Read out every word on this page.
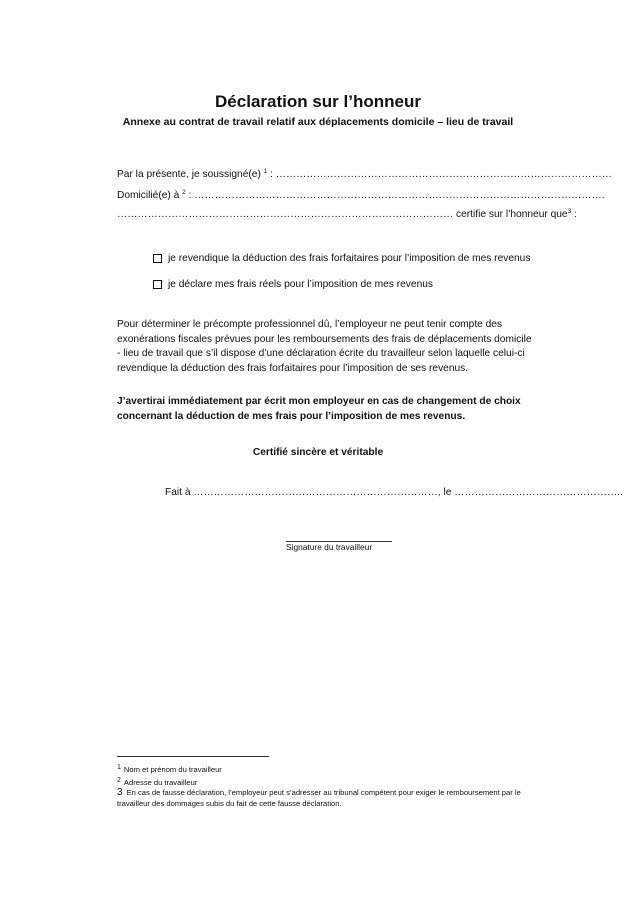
Déclaration sur l’honneur
Annexe au contrat de travail relatif aux déplacements domicile – lieu de travail
Par la présente, je soussigné(e) $^1$ : ………………………………………………………………………………………
Domicilié(e) à $^2$ : ………………………………………………………………………………………………………….
……………………………………………………………………………………… certifie sur l’honneur que$^3$ :
je revendique la déduction des frais forfaitaires pour l’imposition de mes revenus
je déclare mes frais réels pour l’imposition de mes revenus
Pour déterminer le précompte professionnel dû, l’employeur ne peut tenir compte des exonérations fiscales prévues pour les remboursements des frais de déplacements domicile - lieu de travail que s’il dispose d’une déclaration écrite du travailleur selon laquelle celui-ci revendique la déduction des frais forfaitaires pour l’imposition de ses revenus.
J’avertirai immédiatement par écrit mon employeur en cas de changement de choix concernant la déduction de mes frais pour l’imposition de mes revenus.
Certifié sincère et véritable
Fait à ………………………………………………………………, le …………………………………………..
Signature du travailleur
1 Nom et prénom du travailleur
2 Adresse du travailleur
3 En cas de fausse déclaration, l’employeur peut s’adresser au tribunal compétent pour exiger le remboursement par le travailleur des dommages subis du fait de cette fausse déclaration.
